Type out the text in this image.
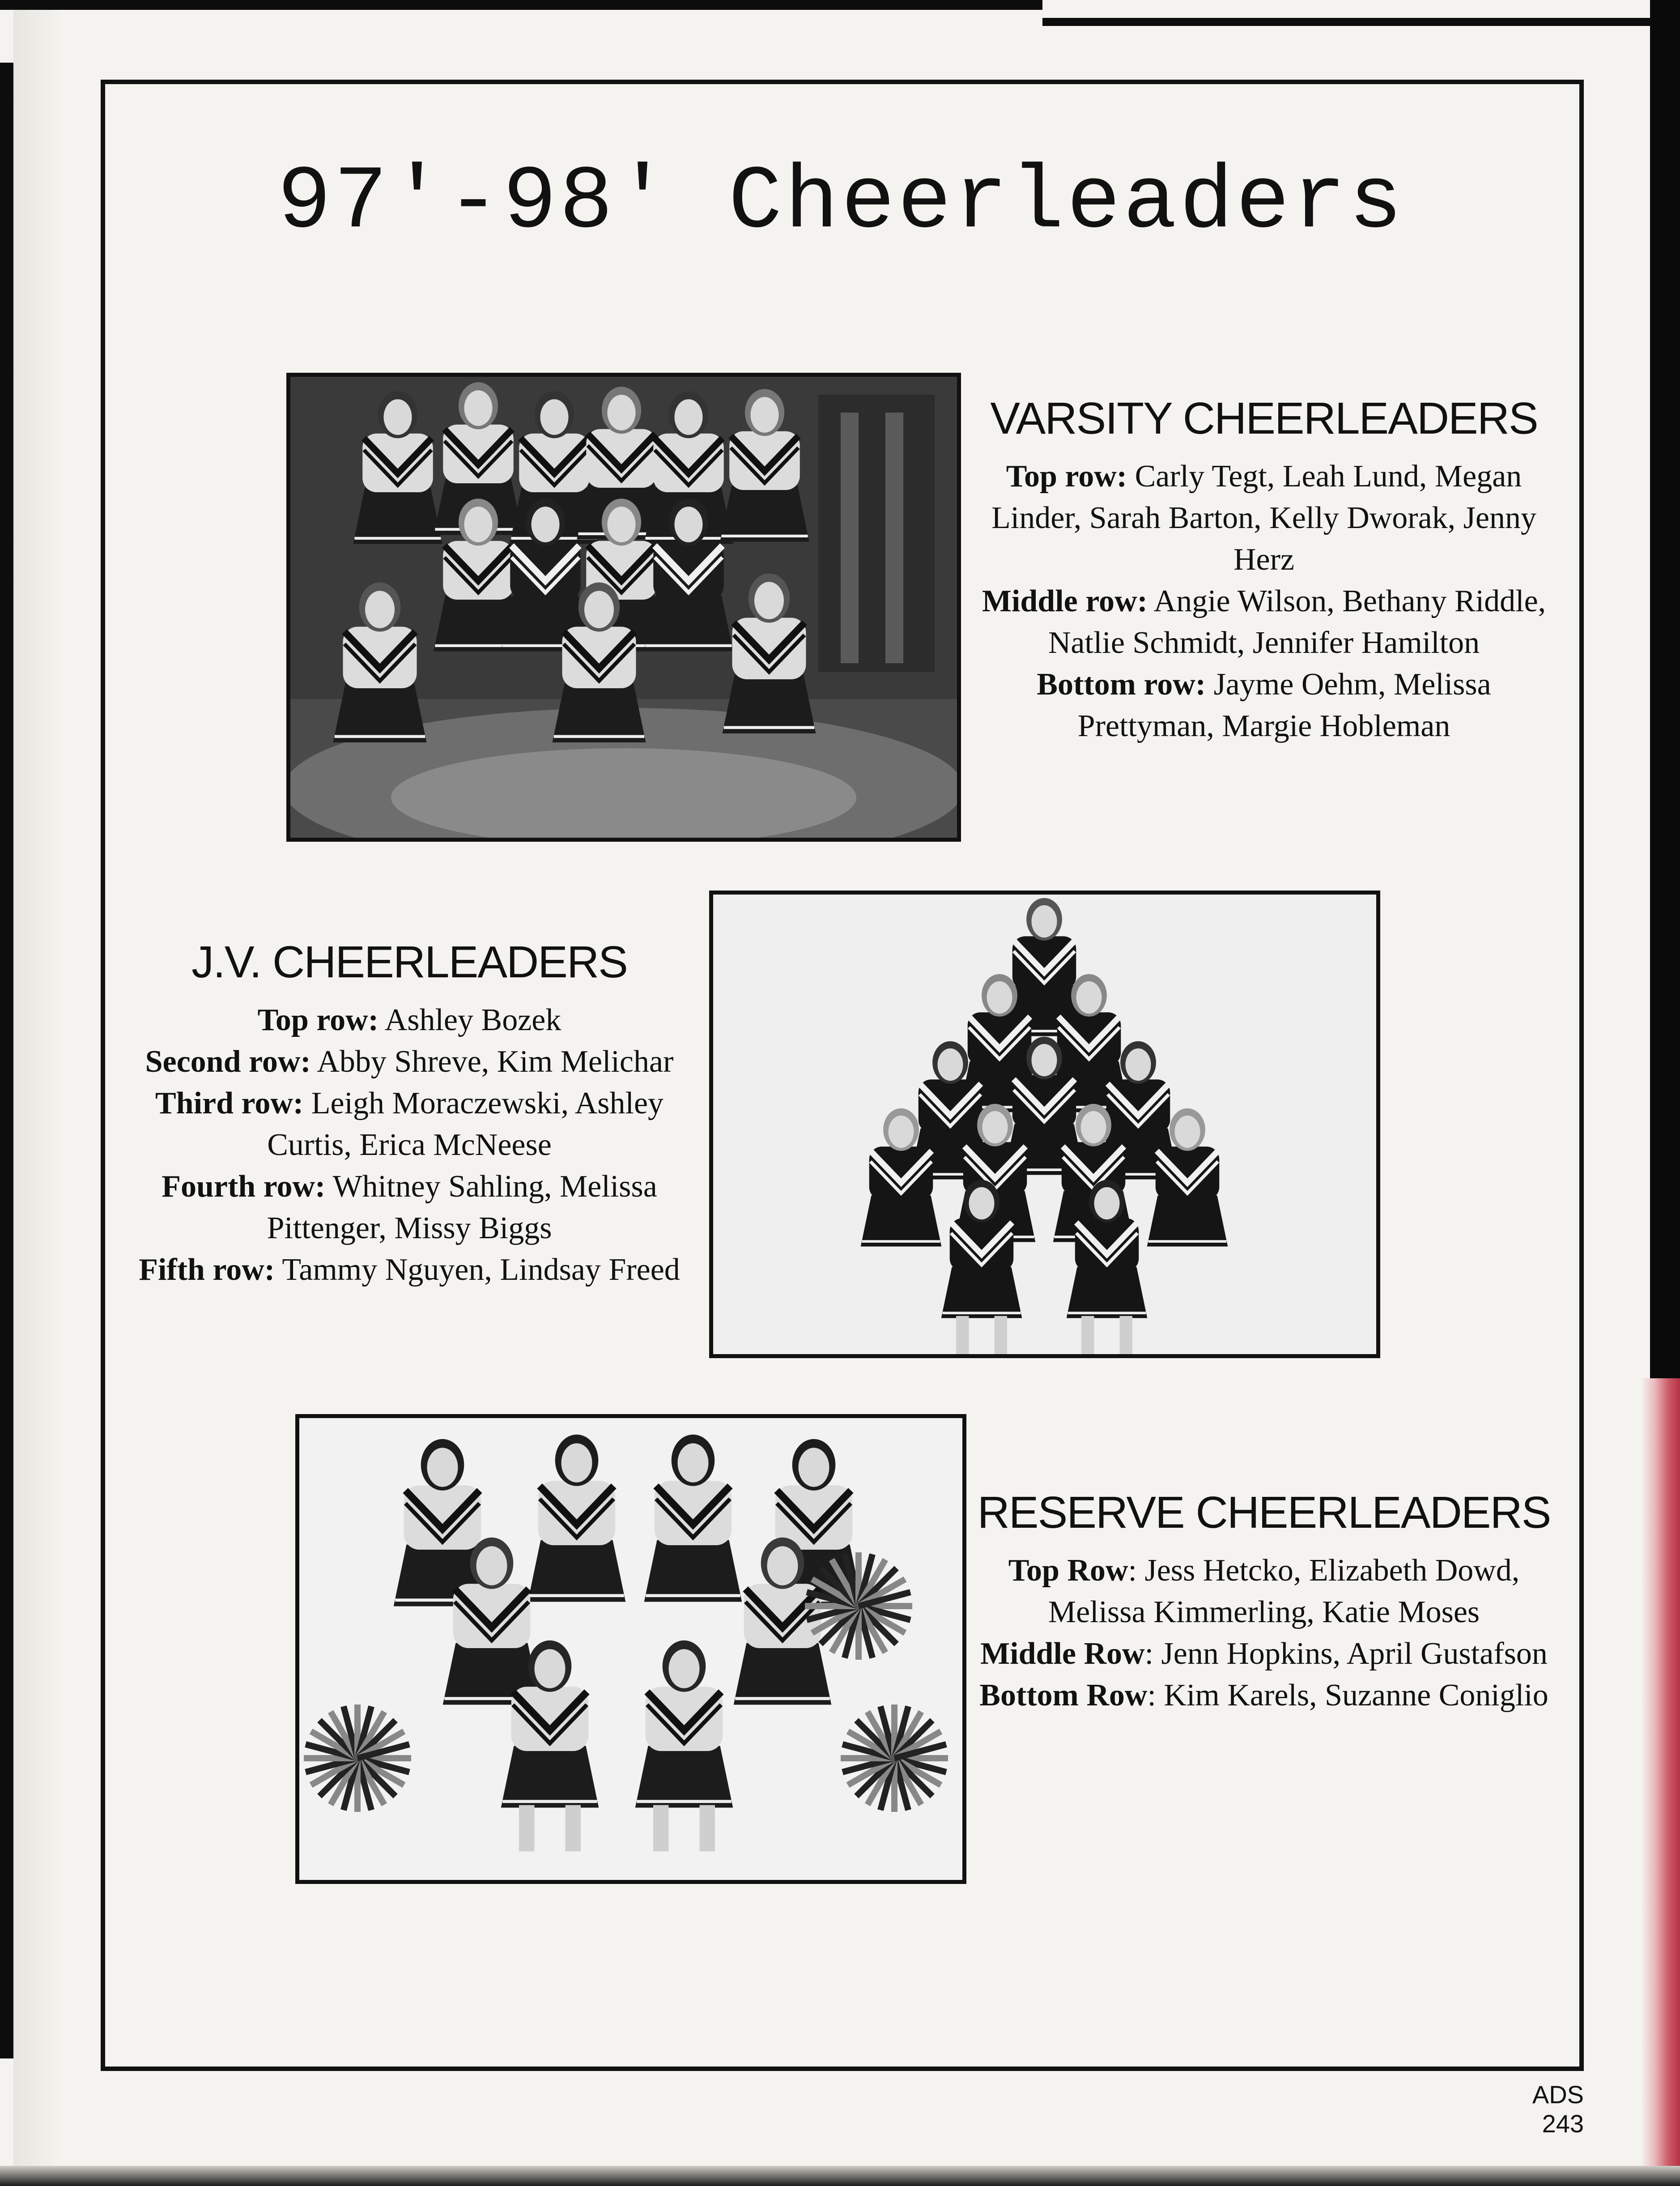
97'-98' Cheerleaders
VARSITY CHEERLEADERS

Top row: Carly Tegt, Leah Lund, Megan Linder, Sarah Barton, Kelly Dworak, Jenny Herz

Middle row: Angie Wilson, Bethany Riddle, Natlie Schmidt, Jennifer Hamilton

Bottom row: Jayme Oehm, Melissa Prettyman, Margie Hobleman

J.V. CHEERLEADERS

Top row: Ashley Bozek

Second row: Abby Shreve, Kim Melichar

Third row: Leigh Moraczewski, Ashley Curtis, Erica McNeese

Fourth row: Whitney Sahling, Melissa Pittenger, Missy Biggs

Fifth row: Tammy Nguyen, Lindsay Freed

RESERVE CHEERLEADERS

Top Row: Jess Hetcko, Elizabeth Dowd, Melissa Kimmerling, Katie Moses

Middle Row: Jenn Hopkins, April Gustafson

Bottom Row: Kim Karels, Suzanne Coniglio

ADS 243
